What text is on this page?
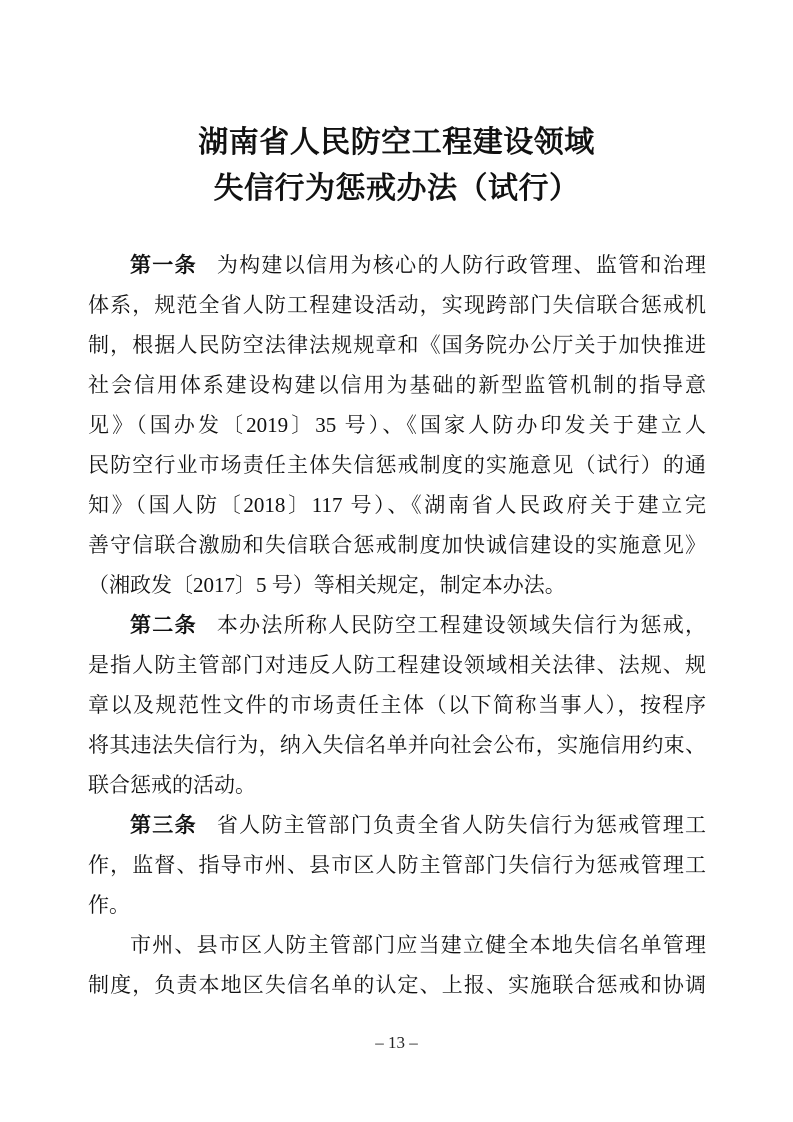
湖南省人民防空工程建设领域
失信行为惩戒办法（试行）
第一条 为构建以信用为核心的人防行政管理、监管和治理
体系，规范全省人防工程建设活动，实现跨部门失信联合惩戒机
制，根据人民防空法律法规规章和《国务院办公厅关于加快推进
社会信用体系建设构建以信用为基础的新型监管机制的指导意
见》（国办发〔2019〕35 号）、《国家人防办印发关于建立人
民防空行业市场责任主体失信惩戒制度的实施意见（试行）的通
知》（国人防〔2018〕117 号）、《湖南省人民政府关于建立完
善守信联合激励和失信联合惩戒制度加快诚信建设的实施意见》
（湘政发〔2017〕5 号）等相关规定，制定本办法。
第二条 本办法所称人民防空工程建设领域失信行为惩戒，
是指人防主管部门对违反人防工程建设领域相关法律、法规、规
章以及规范性文件的市场责任主体（以下简称当事人），按程序
将其违法失信行为，纳入失信名单并向社会公布，实施信用约束、
联合惩戒的活动。
第三条 省人防主管部门负责全省人防失信行为惩戒管理工
作，监督、指导市州、县市区人防主管部门失信行为惩戒管理工
作。
市州、县市区人防主管部门应当建立健全本地失信名单管理
制度，负责本地区失信名单的认定、上报、实施联合惩戒和协调
– 13 –
